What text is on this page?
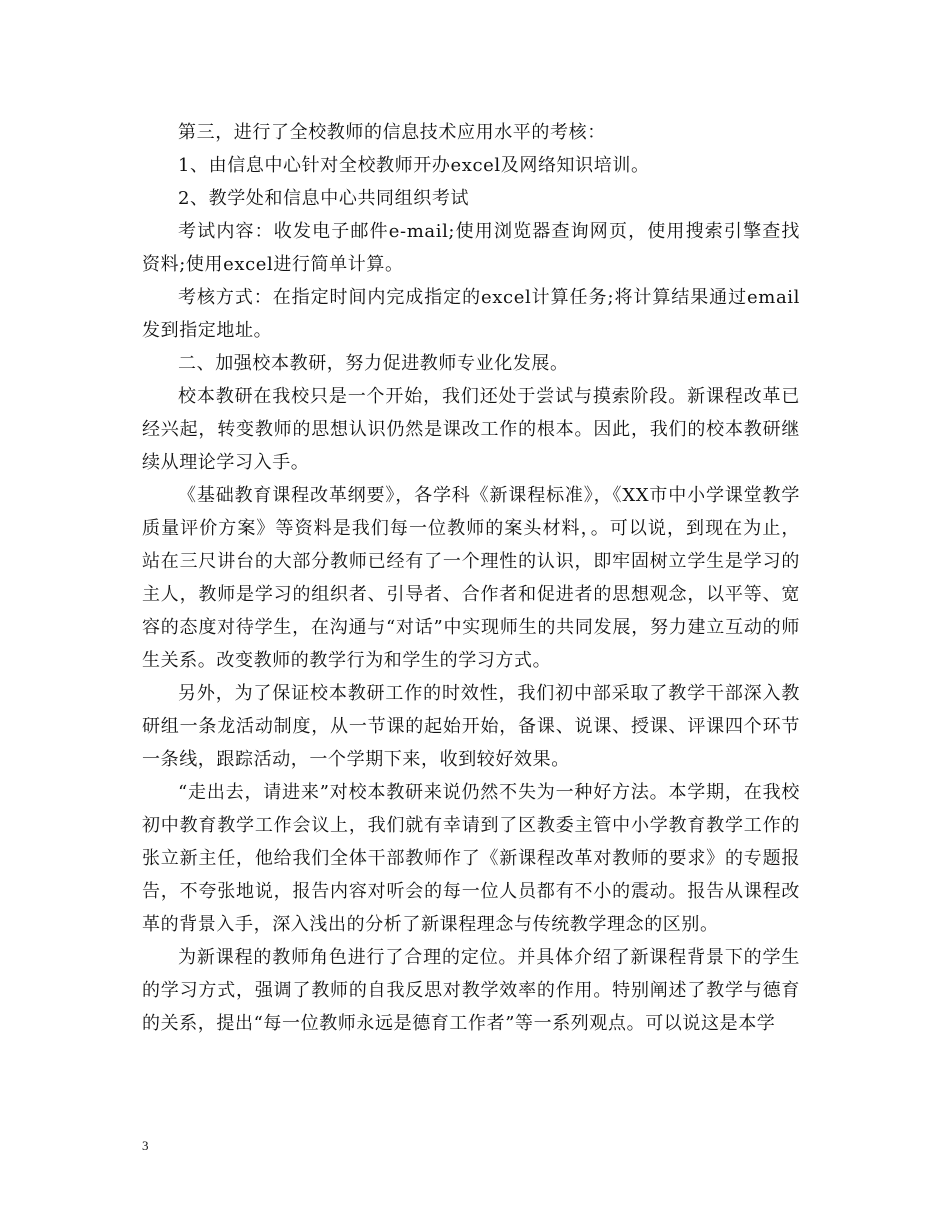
第三，进行了全校教师的信息技术应用水平的考核：

1、由信息中心针对全校教师开办excel及网络知识培训。

2、教学处和信息中心共同组织考试

考试内容：收发电子邮件e-mail;使用浏览器查询网页，使用搜索引擎查找资料;使用excel进行简单计算。

考核方式：在指定时间内完成指定的excel计算任务;将计算结果通过email发到指定地址。

二、加强校本教研，努力促进教师专业化发展。

校本教研在我校只是一个开始，我们还处于尝试与摸索阶段。新课程改革已经兴起，转变教师的思想认识仍然是课改工作的根本。因此，我们的校本教研继续从理论学习入手。

《基础教育课程改革纲要》，各学科《新课程标准》，《XX市中小学课堂教学质量评价方案》等资料是我们每一位教师的案头材料，。可以说，到现在为止，站在三尺讲台的大部分教师已经有了一个理性的认识，即牢固树立学生是学习的主人，教师是学习的组织者、引导者、合作者和促进者的思想观念，以平等、宽容的态度对待学生，在沟通与“对话”中实现师生的共同发展，努力建立互动的师生关系。改变教师的教学行为和学生的学习方式。

另外，为了保证校本教研工作的时效性，我们初中部采取了教学干部深入教研组一条龙活动制度，从一节课的起始开始，备课、说课、授课、评课四个环节一条线，跟踪活动，一个学期下来，收到较好效果。

“走出去，请进来”对校本教研来说仍然不失为一种好方法。本学期，在我校初中教育教学工作会议上，我们就有幸请到了区教委主管中小学教育教学工作的张立新主任，他给我们全体干部教师作了《新课程改革对教师的要求》的专题报告，不夸张地说，报告内容对听会的每一位人员都有不小的震动。报告从课程改革的背景入手，深入浅出的分析了新课程理念与传统教学理念的区别。

为新课程的教师角色进行了合理的定位。并具体介绍了新课程背景下的学生的学习方式，强调了教师的自我反思对教学效率的作用。特别阐述了教学与德育的关系，提出“每一位教师永远是德育工作者”等一系列观点。可以说这是本学

3
